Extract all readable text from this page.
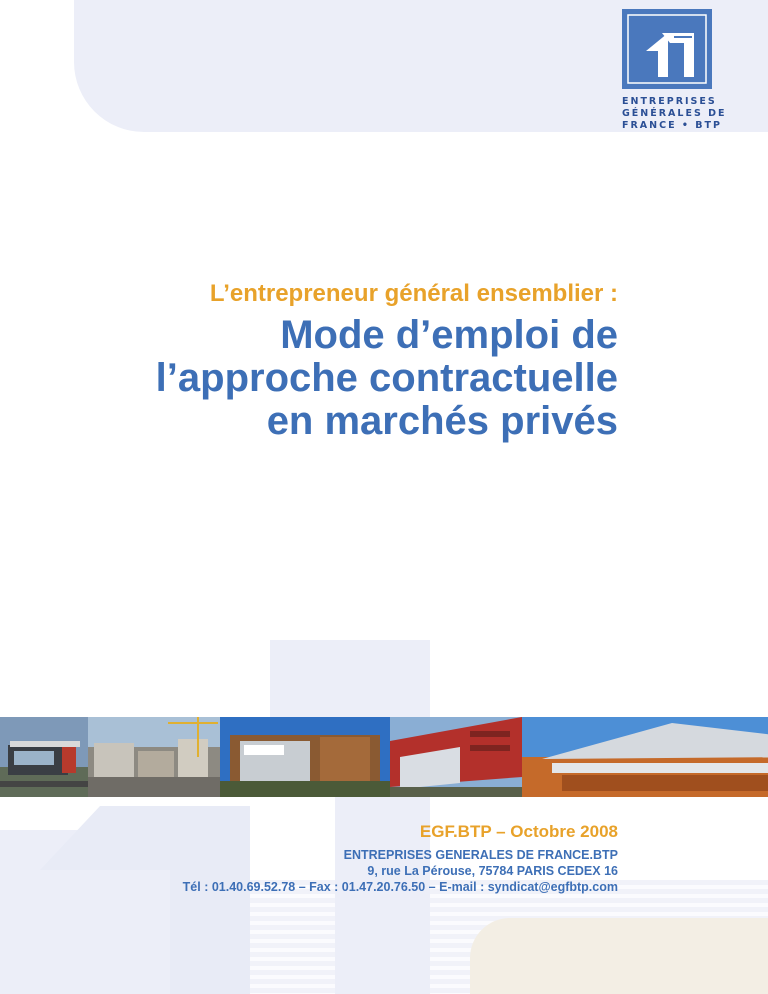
ENTREPRISES
GÉNÉRALES DE
FRANCE • BTP
L’entrepreneur général ensemblier :
Mode d’emploi de
l’approche contractuelle
en marchés privés
EGF.BTP – Octobre 2008
ENTREPRISES GENERALES DE FRANCE.BTP
9, rue La Pérouse, 75784 PARIS CEDEX 16
Tél : 01.40.69.52.78 – Fax : 01.47.20.76.50 – E-mail : syndicat@egfbtp.com
